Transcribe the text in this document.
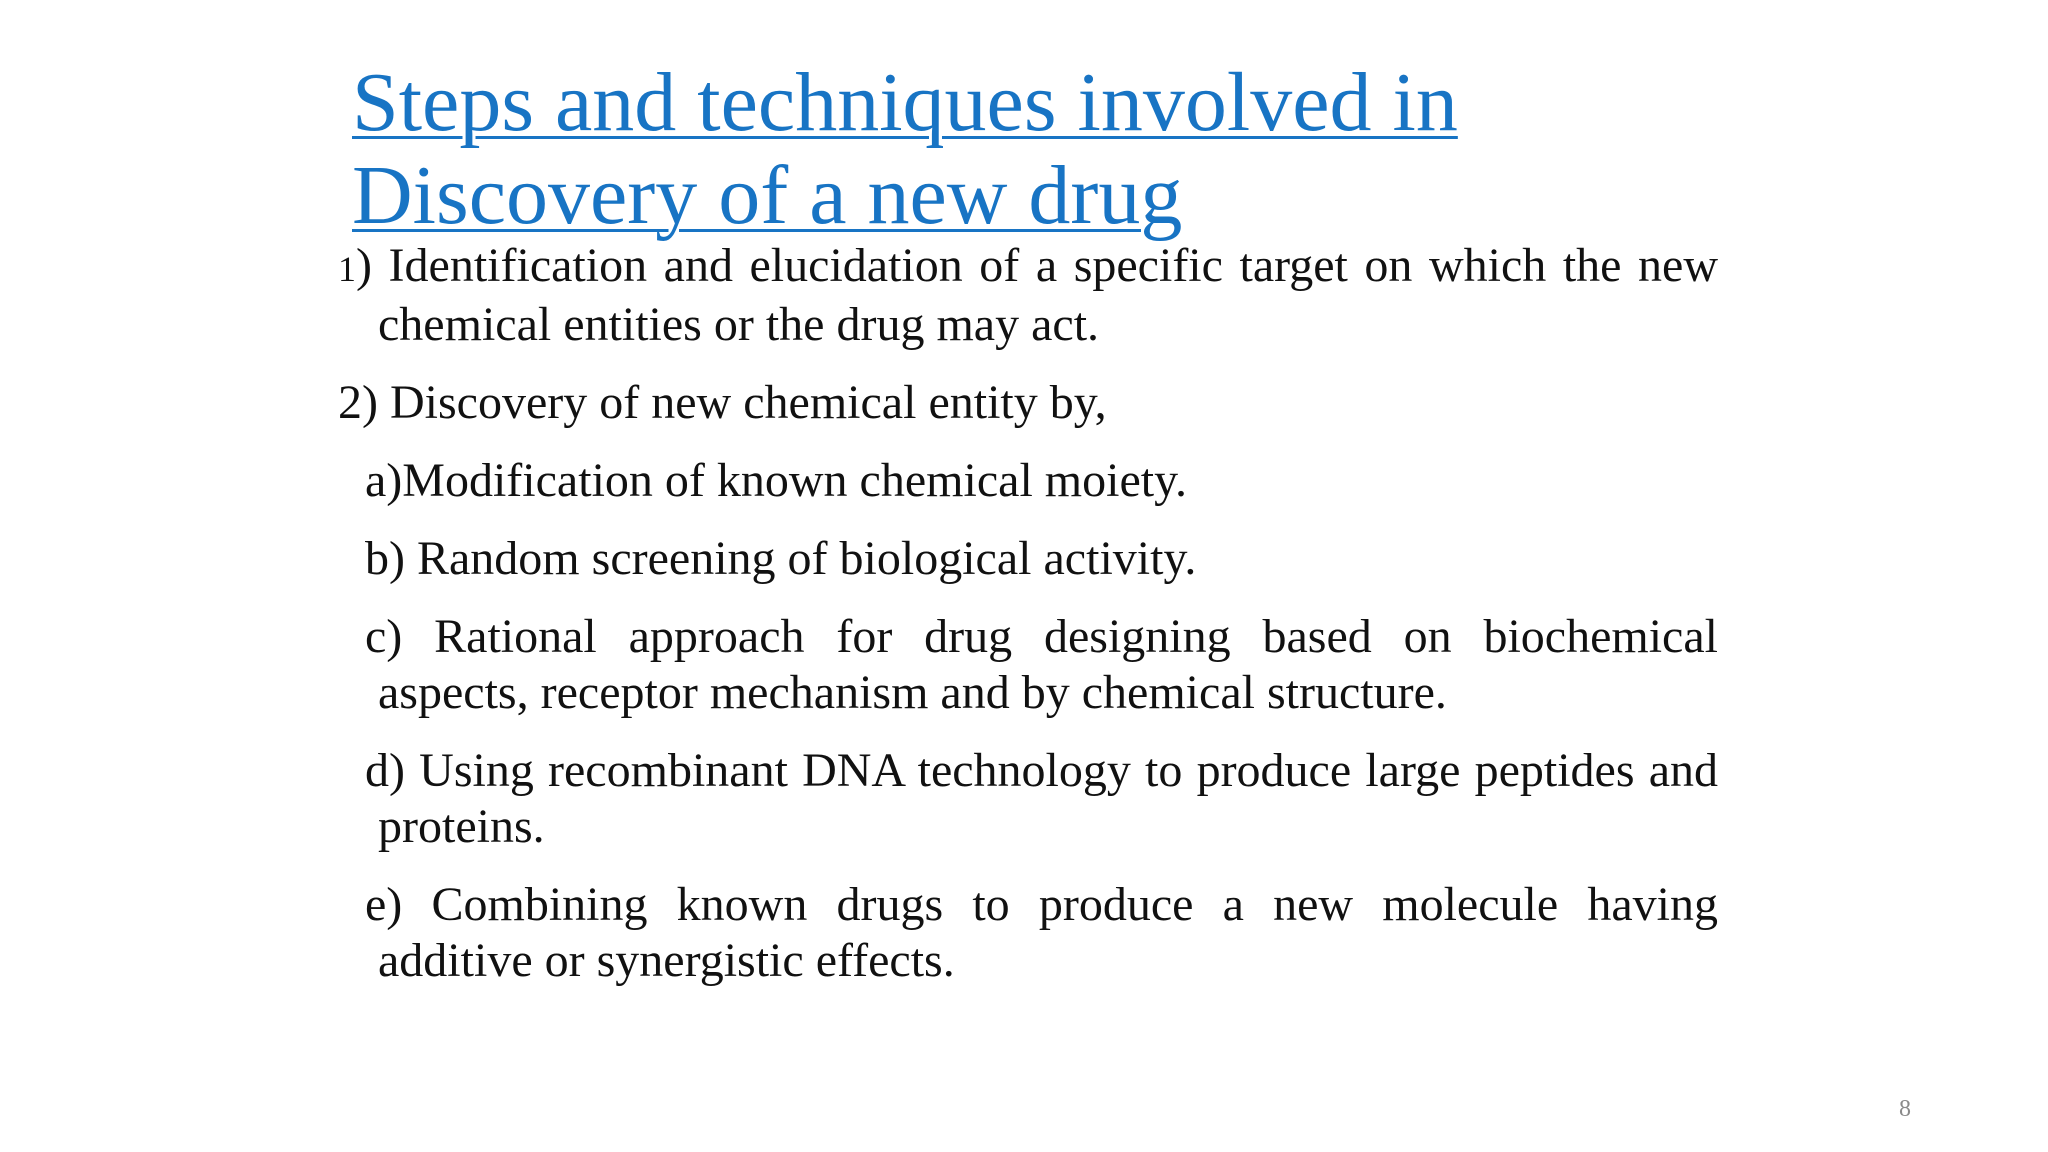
Steps and techniques involved in
Discovery of a new drug

1) Identification and elucidation of a specific target on which the new chemical entities or the drug may act.

2) Discovery of new chemical entity by,

a)Modification of known chemical moiety.

b) Random screening of biological activity.

c) Rational approach for drug designing based on biochemical aspects, receptor mechanism and by chemical structure.

d) Using recombinant DNA technology to produce large peptides and proteins.

e) Combining known drugs to produce a new molecule having additive or synergistic effects.

8
